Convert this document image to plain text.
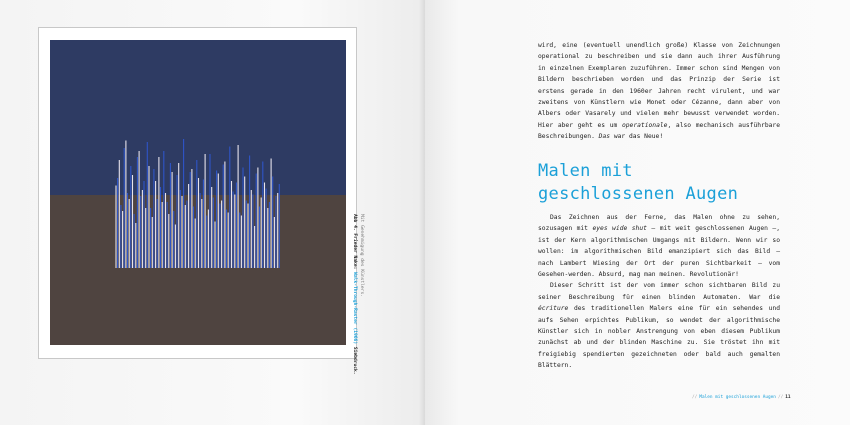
Mit Genehmigung des Künstlers.
Abb 4. Frieder Nake: Walk-Through-Raster (1966) Siebdruck.

wird, eine (eventuell unendlich große) Klasse von Zeichnungen operational zu beschreiben und sie dann auch ihrer Ausführung in einzelnen Exemplaren zuzuführen. Immer schon sind Mengen von Bildern beschrieben worden und das Prinzip der Serie ist erstens gerade in den 1960er Jahren recht virulent, und war zweitens von Künstlern wie Monet oder Cézanne, dann aber von Albers oder Vasarely und vielen mehr bewusst verwendet worden. Hier aber geht es um operationale, also mechanisch ausführbare Beschreibungen. Das war das Neue!

Malen mit
geschlossenen Augen

Das Zeichnen aus der Ferne, das Malen ohne zu sehen, sozusagen mit eyes wide shut – mit weit geschlossenen Augen –, ist der Kern algorithmischen Umgangs mit Bildern. Wenn wir so wollen: im algorithmischen Bild emanzipiert sich das Bild – nach Lambert Wiesing der Ort der puren Sichtbarkeit – vom Gesehen-werden. Absurd, mag man meinen. Revolutionär!

Dieser Schritt ist der vom immer schon sichtbaren Bild zu seiner Beschreibung für einen blinden Automaten. War die écriture des traditionellen Malers eine für ein sehendes und aufs Sehen erpichtes Publikum, so wendet der algorithmische Künstler sich in nobler Anstrengung von eben diesem Publikum zunächst ab und der blinden Maschine zu. Sie tröstet ihn mit freigiebig spendierten gezeichneten oder bald auch gemalten Blättern.

// Malen mit geschlossenen Augen // 11
